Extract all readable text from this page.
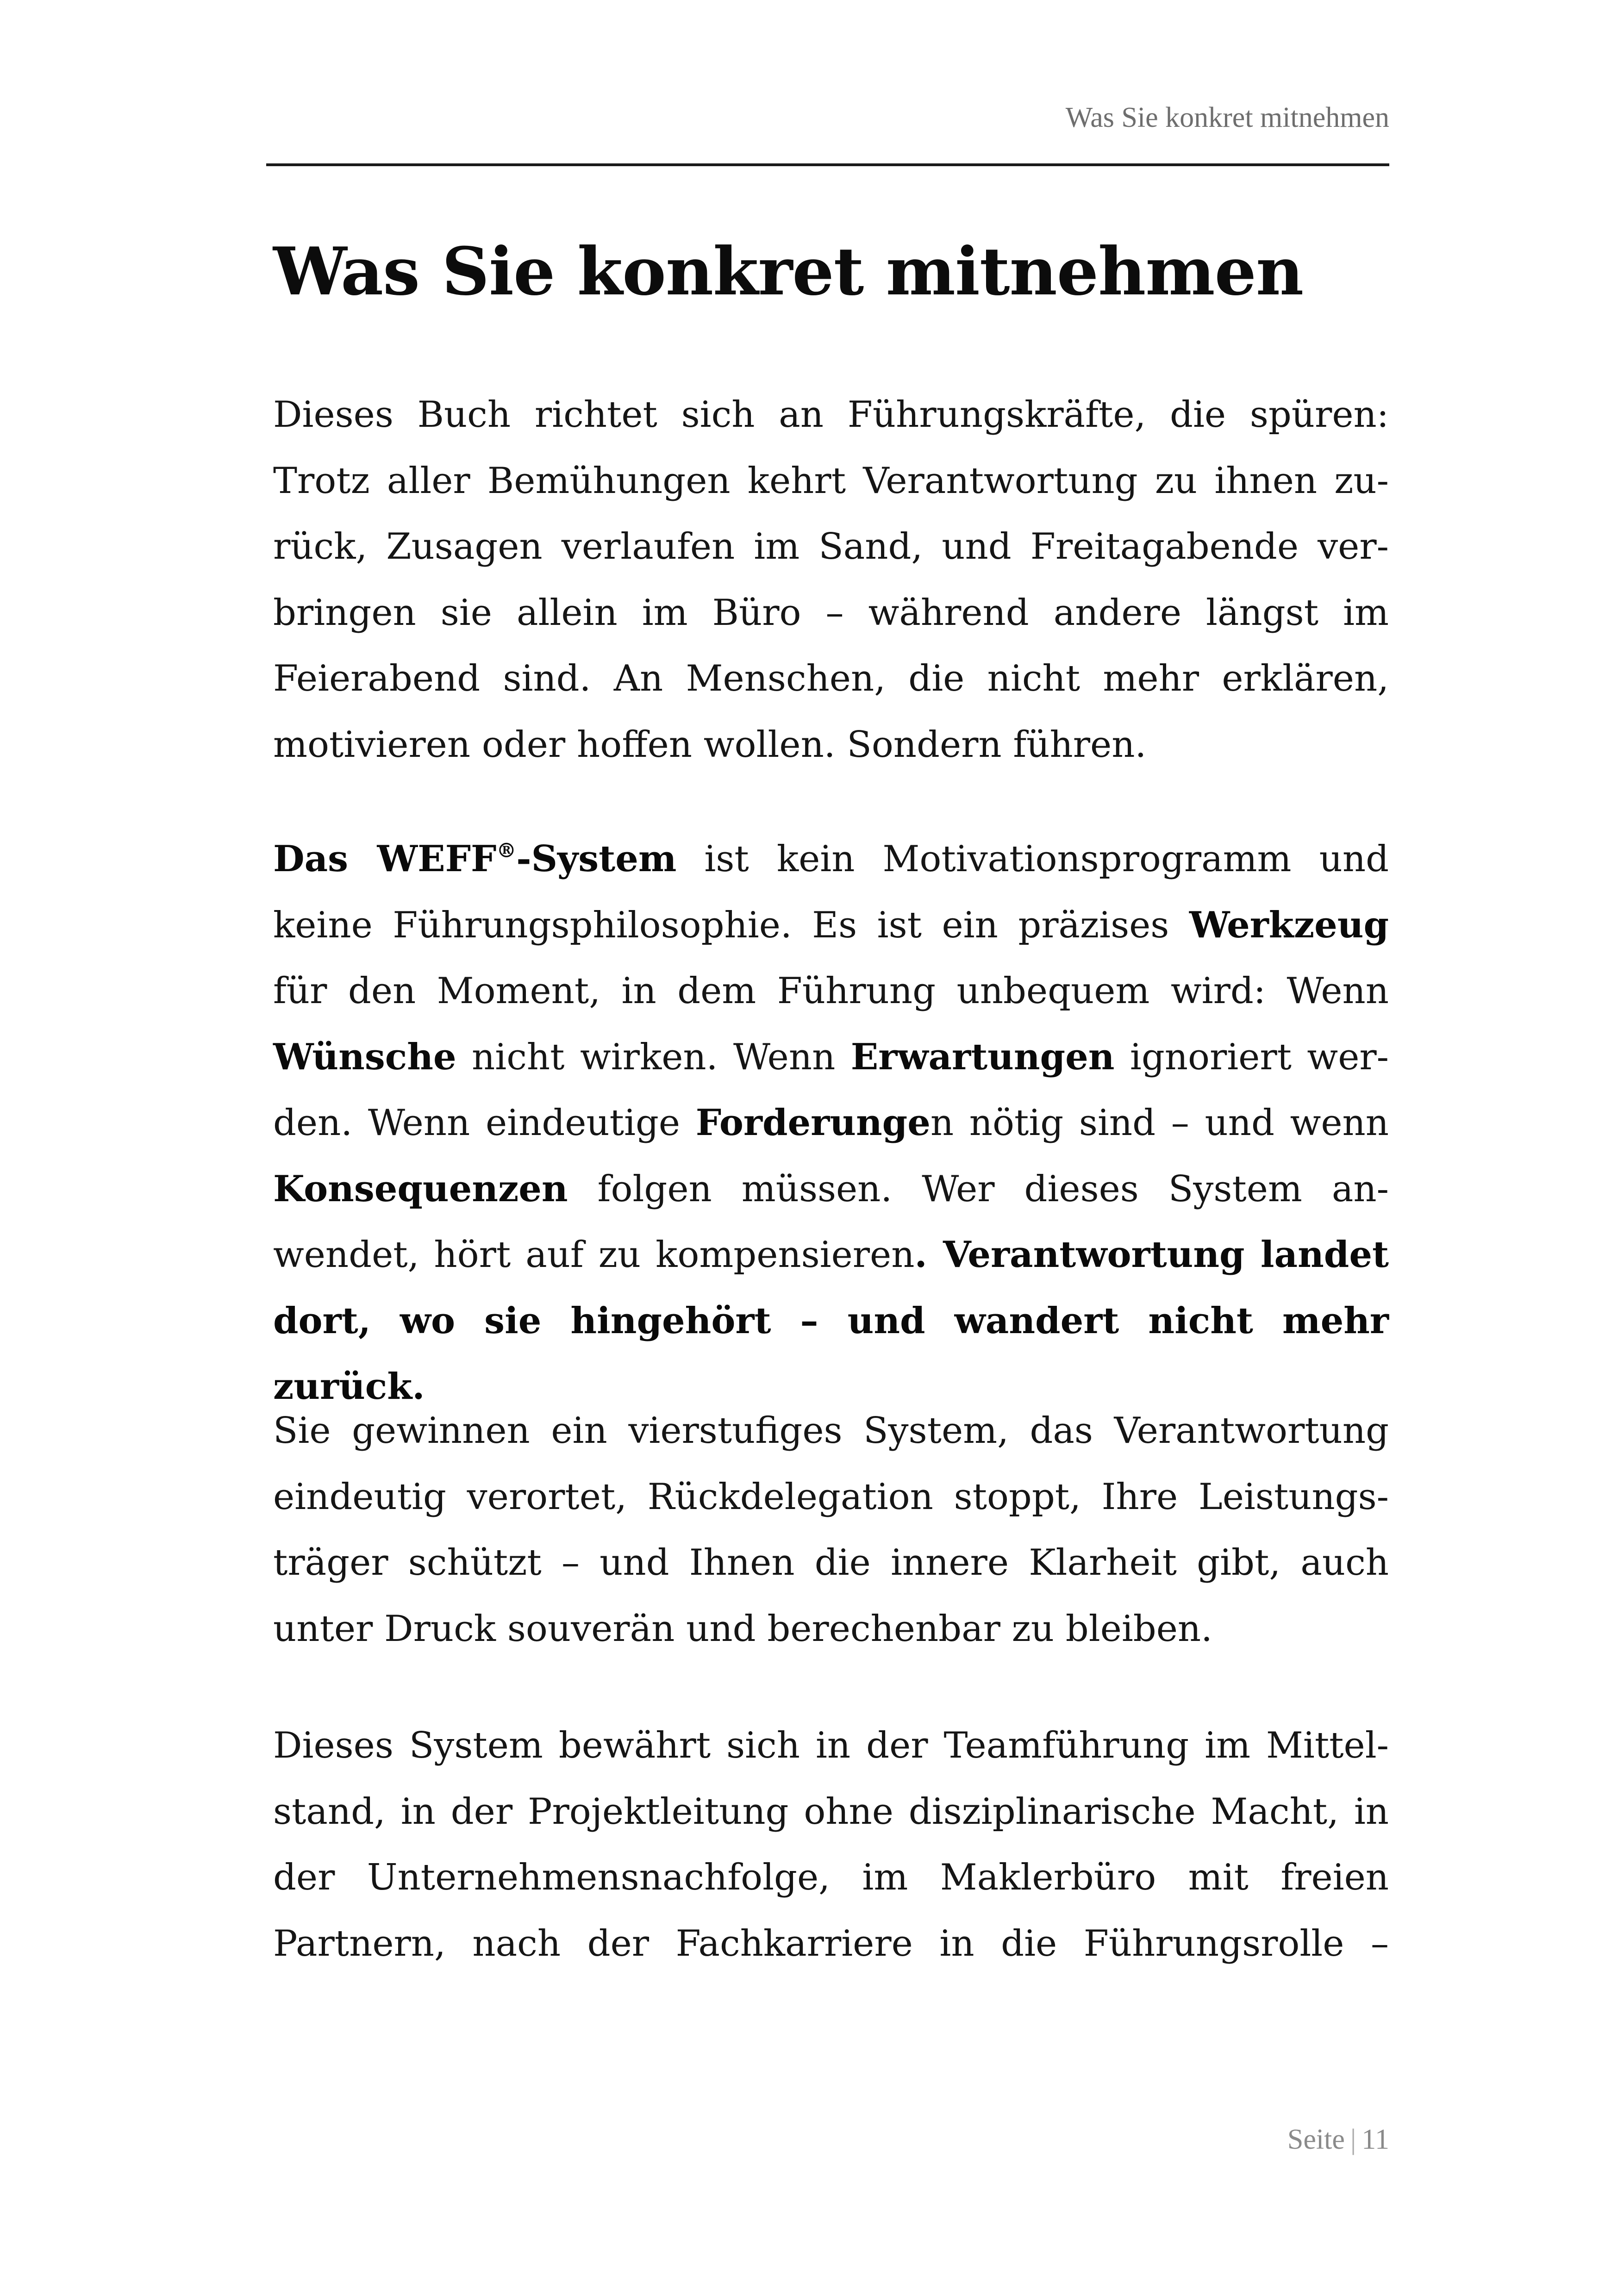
Was Sie konkret mitnehmen
Was Sie konkret mitnehmen

Dieses Buch richtet sich an Führungskräfte, die spüren: Trotz aller Bemühungen kehrt Verantwortung zu ihnen zurück, Zusagen verlaufen im Sand, und Freitagabende verbringen sie allein im Büro – während andere längst im Feierabend sind. An Menschen, die nicht mehr erklären, motivieren oder hoffen wollen. Sondern führen.

Das WEFF®-System ist kein Motivationsprogramm und keine Führungsphilosophie. Es ist ein präzises Werkzeug für den Moment, in dem Führung unbequem wird: Wenn Wünsche nicht wirken. Wenn Erwartungen ignoriert werden. Wenn eindeutige Forderungen nötig sind – und wenn Konsequenzen folgen müssen. Wer dieses System anwendet, hört auf zu kompensieren. Verantwortung landet dort, wo sie hingehört – und wandert nicht mehr zurück.

Sie gewinnen ein vierstufiges System, das Verantwortung eindeutig verortet, Rückdelegation stoppt, Ihre Leistungsträger schützt – und Ihnen die innere Klarheit gibt, auch unter Druck souverän und berechenbar zu bleiben.

Dieses System bewährt sich in der Teamführung im Mittelstand, in der Projektleitung ohne disziplinarische Macht, in der Unternehmensnachfolge, im Maklerbüro mit freien Partnern, nach der Fachkarriere in die Führungsrolle –

Seite | 11
